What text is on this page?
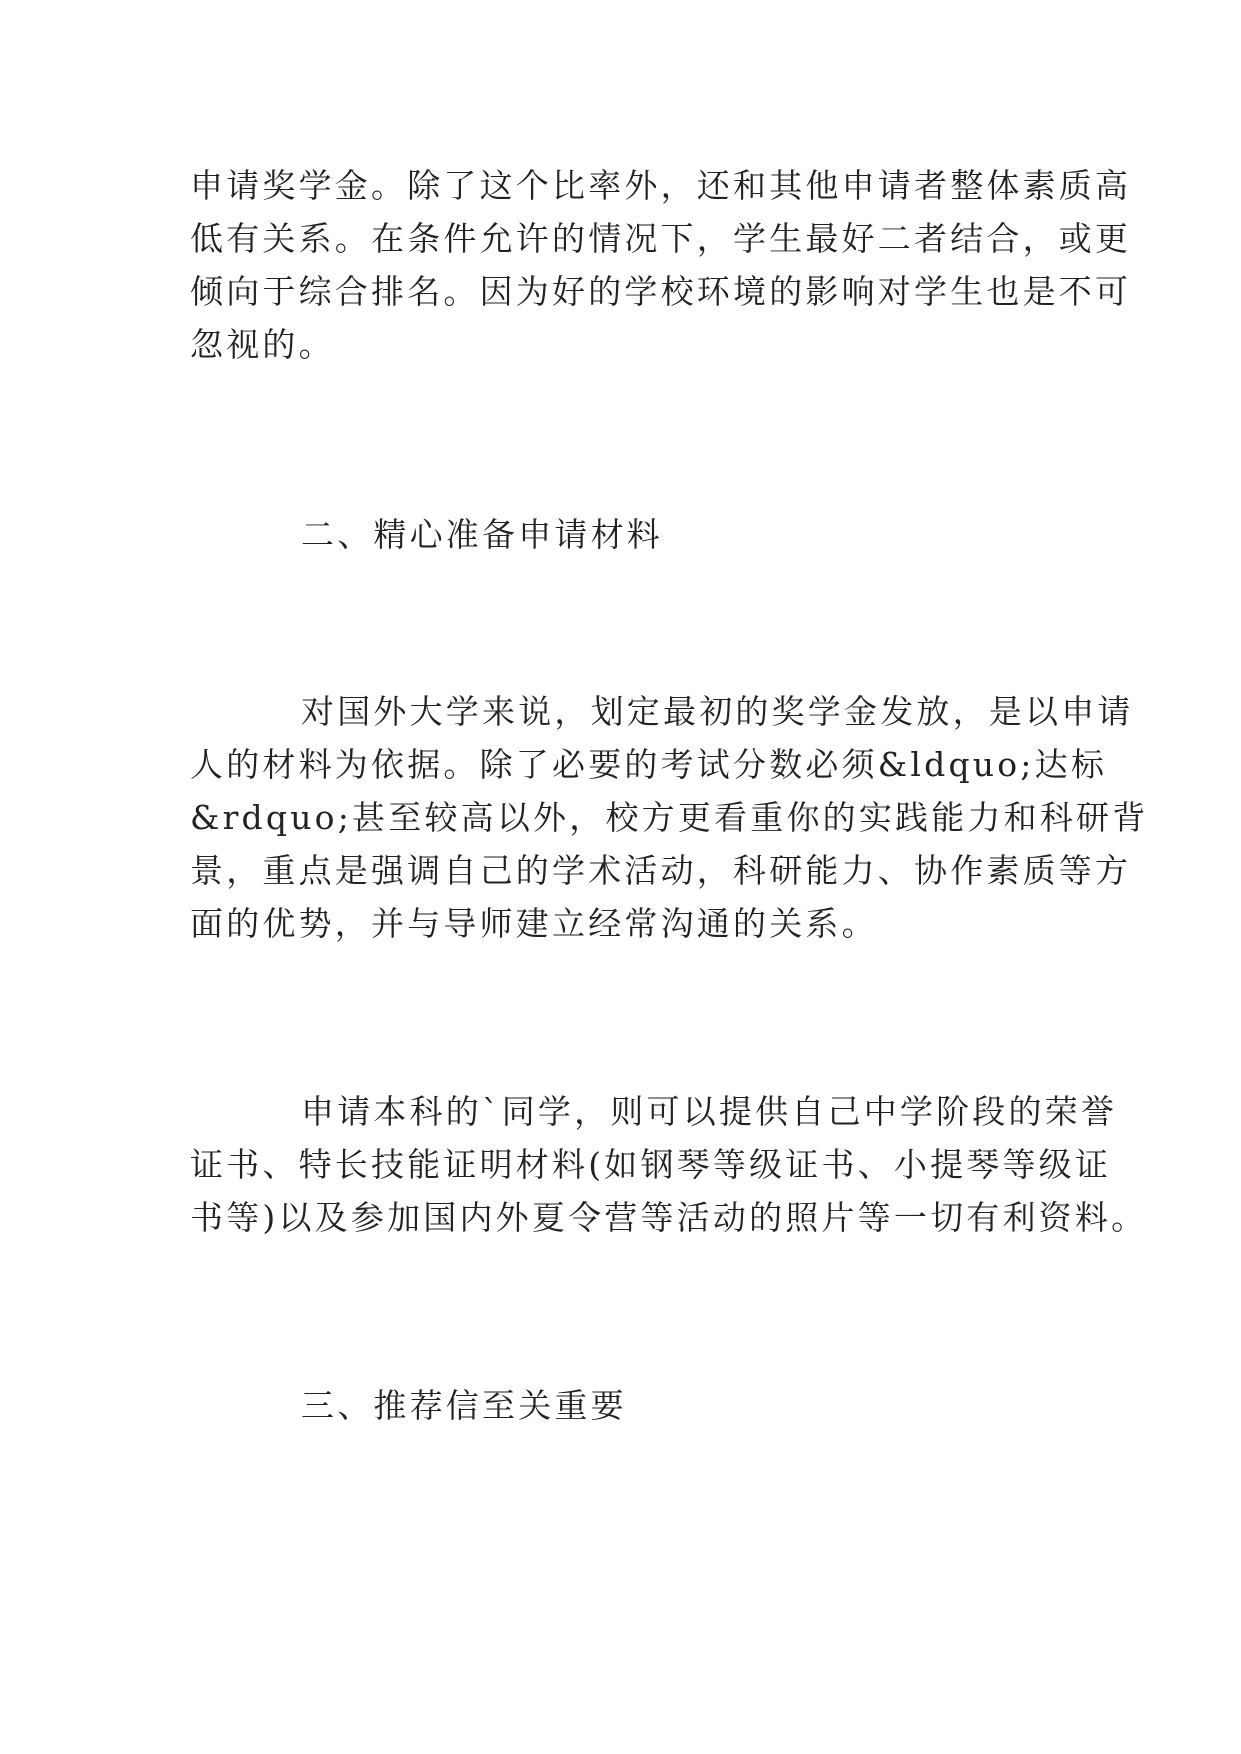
申请奖学金。除了这个比率外，还和其他申请者整体素质高
低有关系。在条件允许的情况下，学生最好二者结合，或更
倾向于综合排名。因为好的学校环境的影响对学生也是不可
忽视的。
二、精心准备申请材料
对国外大学来说，划定最初的奖学金发放，是以申请
人的材料为依据。除了必要的考试分数必须&ldquo;达标
&rdquo;甚至较高以外，校方更看重你的实践能力和科研背
景，重点是强调自己的学术活动，科研能力、协作素质等方
面的优势，并与导师建立经常沟通的关系。
申请本科的`同学，则可以提供自己中学阶段的荣誉
证书、特长技能证明材料(如钢琴等级证书、小提琴等级证
书等)以及参加国内外夏令营等活动的照片等一切有利资料。
三、推荐信至关重要
